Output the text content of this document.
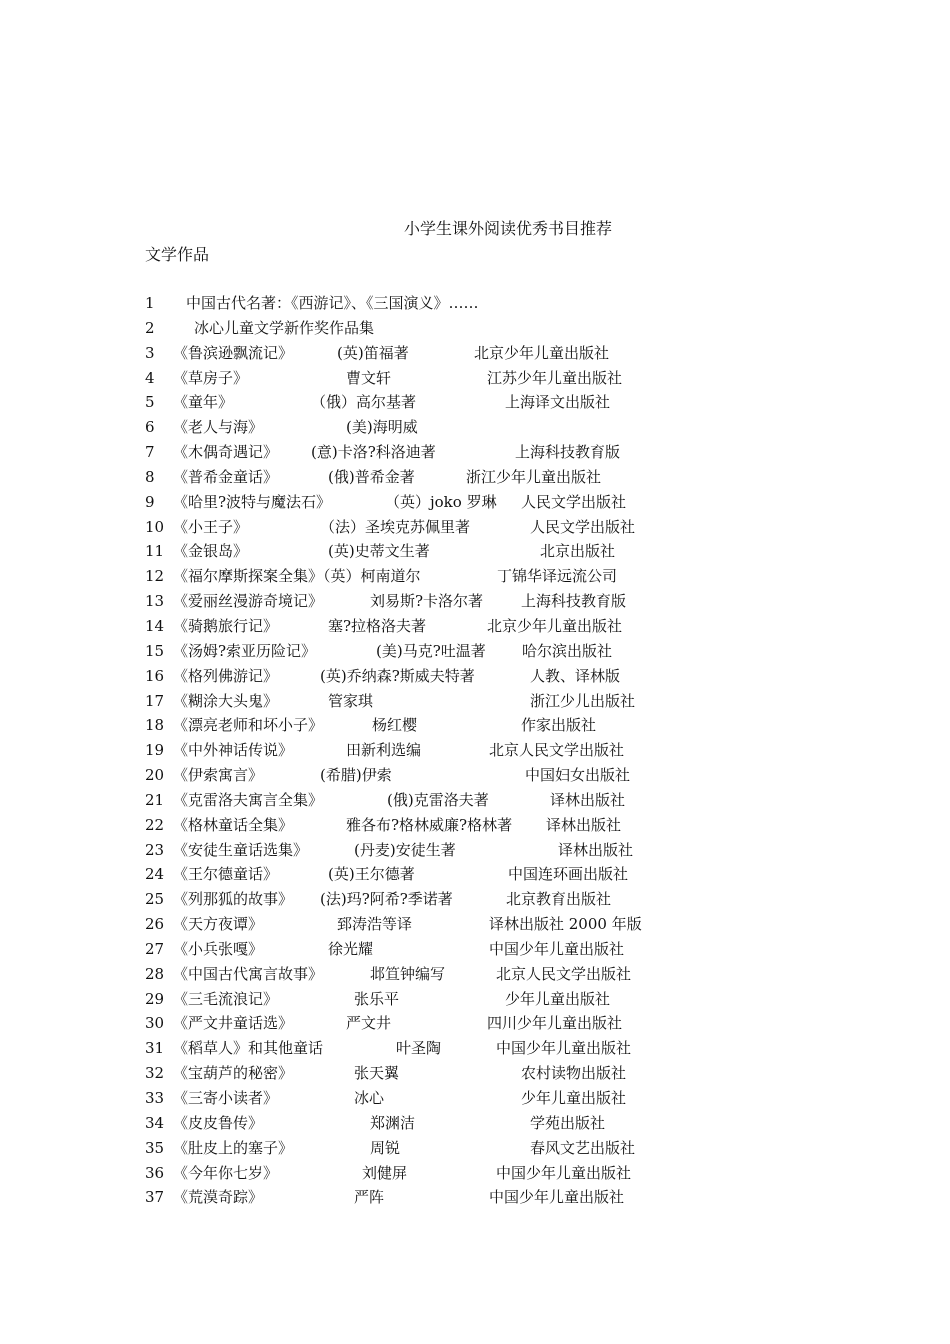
小学生课外阅读优秀书目推荐
文学作品
1 中国古代名著：《西游记》、《三国演义》……
2	冰心儿童文学新作奖作品集
3 《鲁滨逊飘流记》	(英)笛福著	北京少年儿童出版社
4 《草房子》	曹文轩	江苏少年儿童出版社
5 《童年》	（俄）高尔基著	上海译文出版社
6 《老人与海》	(美)海明威
7 《木偶奇遇记》 (意)卡洛?科洛迪著	上海科技教育版
8 《普希金童话》	(俄)普希金著	浙江少年儿童出版社
9 《哈里?波特与魔法石》	（英）joko 罗琳 人民文学出版社
10 《小王子》	（法）圣埃克苏佩里著	人民文学出版社
11 《金银岛》	(英)史蒂文生著	北京出版社
12 《福尔摩斯探案全集》（英）柯南道尔	丁锦华译远流公司
13 《爱丽丝漫游奇境记》	刘易斯?卡洛尔著	上海科技教育版
14 《骑鹅旅行记》	塞?拉格洛夫著	北京少年儿童出版社
15 《汤姆?索亚历险记》	(美)马克?吐温著 哈尔滨出版社
16 《格列佛游记》	(英)乔纳森?斯威夫特著	人教、译林版
17 《糊涂大头鬼》	管家琪	浙江少儿出版社
18 《漂亮老师和坏小子》	杨红樱	作家出版社
19 《中外神话传说》	田新利选编	北京人民文学出版社
20 《伊索寓言》	(希腊)伊索	中国妇女出版社
21 《克雷洛夫寓言全集》	(俄)克雷洛夫著	译林出版社
22 《格林童话全集》	雅各布?格林威廉?格林著 译林出版社
23 《安徒生童话选集》	(丹麦)安徒生著	译林出版社
24 《王尔德童话》	(英)王尔德著	中国连环画出版社
25 《列那狐的故事》 (法)玛?阿希?季诺著	北京教育出版社
26 《天方夜谭》	郅涛浩等译	译林出版社 2000 年版
27 《小兵张嘎》	徐光耀	中国少年儿童出版社
28 《中国古代寓言故事》	邶笪钟编写	北京人民文学出版社
29 《三毛流浪记》	张乐平	少年儿童出版社
30 《严文井童话选》	严文井	四川少年儿童出版社
31 《稻草人》和其他童话	叶圣陶	中国少年儿童出版社
32 《宝葫芦的秘密》	张天翼	农村读物出版社
33 《三寄小读者》	冰心	少年儿童出版社
34 《皮皮鲁传》	郑渊洁	学苑出版社
35 《肚皮上的塞子》	周锐	春风文艺出版社
36 《今年你七岁》	刘健屏	中国少年儿童出版社
37 《荒漠奇踪》	严阵	中国少年儿童出版社
